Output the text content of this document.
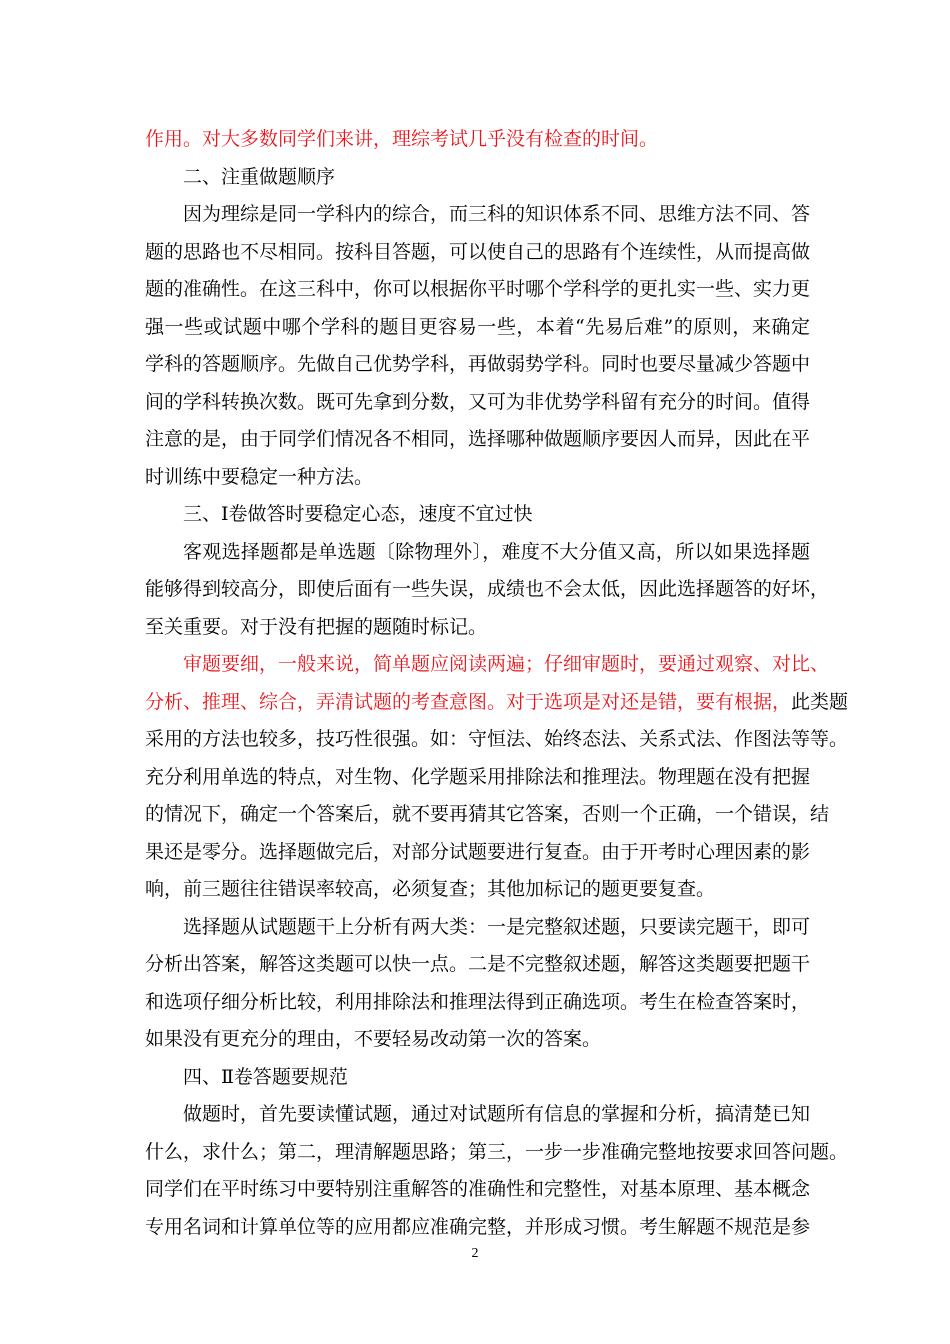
作用。对大多数同学们来讲，理综考试几乎没有检查的时间。
二、注重做题顺序
因为理综是同一学科内的综合，而三科的知识体系不同、思维方法不同、答
题的思路也不尽相同。按科目答题，可以使自己的思路有个连续性，从而提高做
题的准确性。在这三科中，你可以根据你平时哪个学科学的更扎实一些、实力更
强一些或试题中哪个学科的题目更容易一些，本着“先易后难”的原则，来确定
学科的答题顺序。先做自己优势学科，再做弱势学科。同时也要尽量减少答题中
间的学科转换次数。既可先拿到分数，又可为非优势学科留有充分的时间。值得
注意的是，由于同学们情况各不相同，选择哪种做题顺序要因人而异，因此在平
时训练中要稳定一种方法。
三、Ⅰ卷做答时要稳定心态，速度不宜过快
客观选择题都是单选题〔除物理外〕，难度不大分值又高，所以如果选择题
能够得到较高分，即使后面有一些失误，成绩也不会太低，因此选择题答的好坏，
至关重要。对于没有把握的题随时标记。
审题要细，一般来说，简单题应阅读两遍；仔细审题时，要通过观察、对比、
分析、推理、综合，弄清试题的考查意图。对于选项是对还是错，要有根据，此类题
采用的方法也较多，技巧性很强。如：守恒法、始终态法、关系式法、作图法等等。
充分利用单选的特点，对生物、化学题采用排除法和推理法。物理题在没有把握
的情况下，确定一个答案后，就不要再猜其它答案，否则一个正确，一个错误，结
果还是零分。选择题做完后，对部分试题要进行复查。由于开考时心理因素的影
响，前三题往往错误率较高，必须复查；其他加标记的题更要复查。
选择题从试题题干上分析有两大类：一是完整叙述题，只要读完题干，即可
分析出答案，解答这类题可以快一点。二是不完整叙述题，解答这类题要把题干
和选项仔细分析比较，利用排除法和推理法得到正确选项。考生在检查答案时，
如果没有更充分的理由，不要轻易改动第一次的答案。
四、Ⅱ卷答题要规范
做题时，首先要读懂试题，通过对试题所有信息的掌握和分析，搞清楚已知
什么，求什么；第二，理清解题思路；第三，一步一步准确完整地按要求回答问题。
同学们在平时练习中要特别注重解答的准确性和完整性，对基本原理、基本概念
专用名词和计算单位等的应用都应准确完整，并形成习惯。考生解题不规范是参
2
